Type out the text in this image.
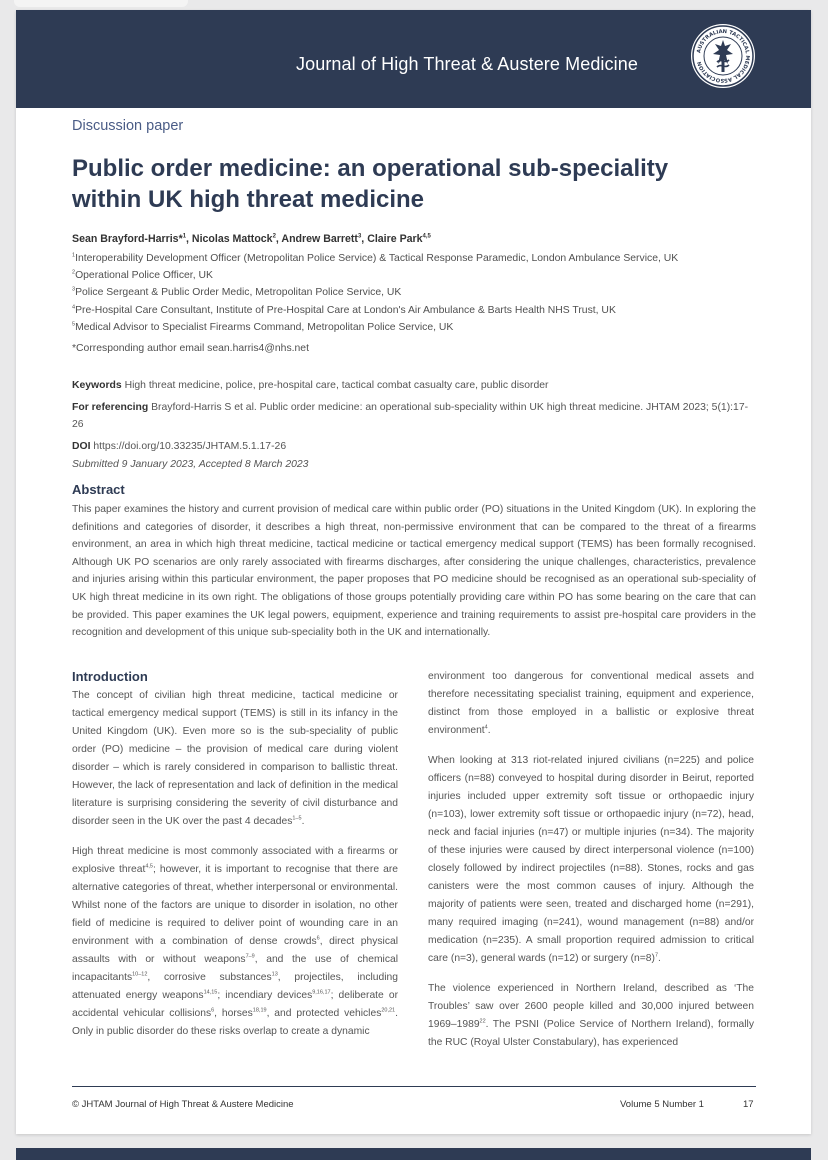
Journal of High Threat & Austere Medicine
AUSTRALIAN TACTICAL MEDICAL ASSOCIATION
Discussion paper
Public order medicine: an operational sub-speciality
within UK high threat medicine
Sean Brayford-Harris*$^1$, Nicolas Mattock$^2$, Andrew Barrett$^3$, Claire Park$^{4,5}$
$^1$Interoperability Development Officer (Metropolitan Police Service) & Tactical Response Paramedic, London Ambulance Service, UK
$^2$Operational Police Officer, UK
$^3$Police Sergeant & Public Order Medic, Metropolitan Police Service, UK
$^4$Pre-Hospital Care Consultant, Institute of Pre-Hospital Care at London's Air Ambulance & Barts Health NHS Trust, UK
$^5$Medical Advisor to Specialist Firearms Command, Metropolitan Police Service, UK
*Corresponding author email sean.harris4@nhs.net
Keywords High threat medicine, police, pre-hospital care, tactical combat casualty care, public disorder
For referencing Brayford-Harris S et al. Public order medicine: an operational sub-speciality within UK high threat medicine. JHTAM 2023; 5(1):17-26
DOI https://doi.org/10.33235/JHTAM.5.1.17-26
Submitted 9 January 2023, Accepted 8 March 2023
Abstract
This paper examines the history and current provision of medical care within public order (PO) situations in the United Kingdom (UK). In exploring the definitions and categories of disorder, it describes a high threat, non-permissive environment that can be compared to the threat of a firearms environment, an area in which high threat medicine, tactical medicine or tactical emergency medical support (TEMS) has been formally recognised. Although UK PO scenarios are only rarely associated with firearms discharges, after considering the unique challenges, characteristics, prevalence and injuries arising within this particular environment, the paper proposes that PO medicine should be recognised as an operational sub-speciality of UK high threat medicine in its own right. The obligations of those groups potentially providing care within PO has some bearing on the care that can be provided. This paper examines the UK legal powers, equipment, experience and training requirements to assist pre-hospital care providers in the recognition and development of this unique sub-speciality both in the UK and internationally.
Introduction

The concept of civilian high threat medicine, tactical medicine or tactical emergency medical support (TEMS) is still in its infancy in the United Kingdom (UK). Even more so is the sub-speciality of public order (PO) medicine – the provision of medical care during violent disorder – which is rarely considered in comparison to ballistic threat. However, the lack of representation and lack of definition in the medical literature is surprising considering the severity of civil disturbance and disorder seen in the UK over the past 4 decades$^{1-5}$.

High threat medicine is most commonly associated with a firearms or explosive threat$^{4,5}$; however, it is important to recognise that there are alternative categories of threat, whether interpersonal or environmental. Whilst none of the factors are unique to disorder in isolation, no other field of medicine is required to deliver point of wounding care in an environment with a combination of dense crowds$^6$, direct physical assaults with or without weapons$^{7-9}$, and the use of chemical incapacitants$^{10-12}$, corrosive substances$^{13}$, projectiles, including attenuated energy weapons$^{14,15}$; incendiary devices$^{9,16,17}$; deliberate or accidental vehicular collisions$^6$, horses$^{18,19}$, and protected vehicles$^{20,21}$. Only in public disorder do these risks overlap to create a dynamic

environment too dangerous for conventional medical assets and therefore necessitating specialist training, equipment and experience, distinct from those employed in a ballistic or explosive threat environment$^4$.

When looking at 313 riot-related injured civilians (n=225) and police officers (n=88) conveyed to hospital during disorder in Beirut, reported injuries included upper extremity soft tissue or orthopaedic injury (n=103), lower extremity soft tissue or orthopaedic injury (n=72), head, neck and facial injuries (n=47) or multiple injuries (n=34). The majority of these injuries were caused by direct interpersonal violence (n=100) closely followed by indirect projectiles (n=88). Stones, rocks and gas canisters were the most common causes of injury. Although the majority of patients were seen, treated and discharged home (n=291), many required imaging (n=241), wound management (n=88) and/or medication (n=235). A small proportion required admission to critical care (n=3), general wards (n=12) or surgery (n=8)$^7$.

The violence experienced in Northern Ireland, described as ‘The Troubles’ saw over 2600 people killed and 30,000 injured between 1969–1989$^{22}$. The PSNI (Police Service of Northern Ireland), formally the RUC (Royal Ulster Constabulary), has experienced

© JHTAM Journal of High Threat & Austere Medicine	Volume 5 Number 1	17
